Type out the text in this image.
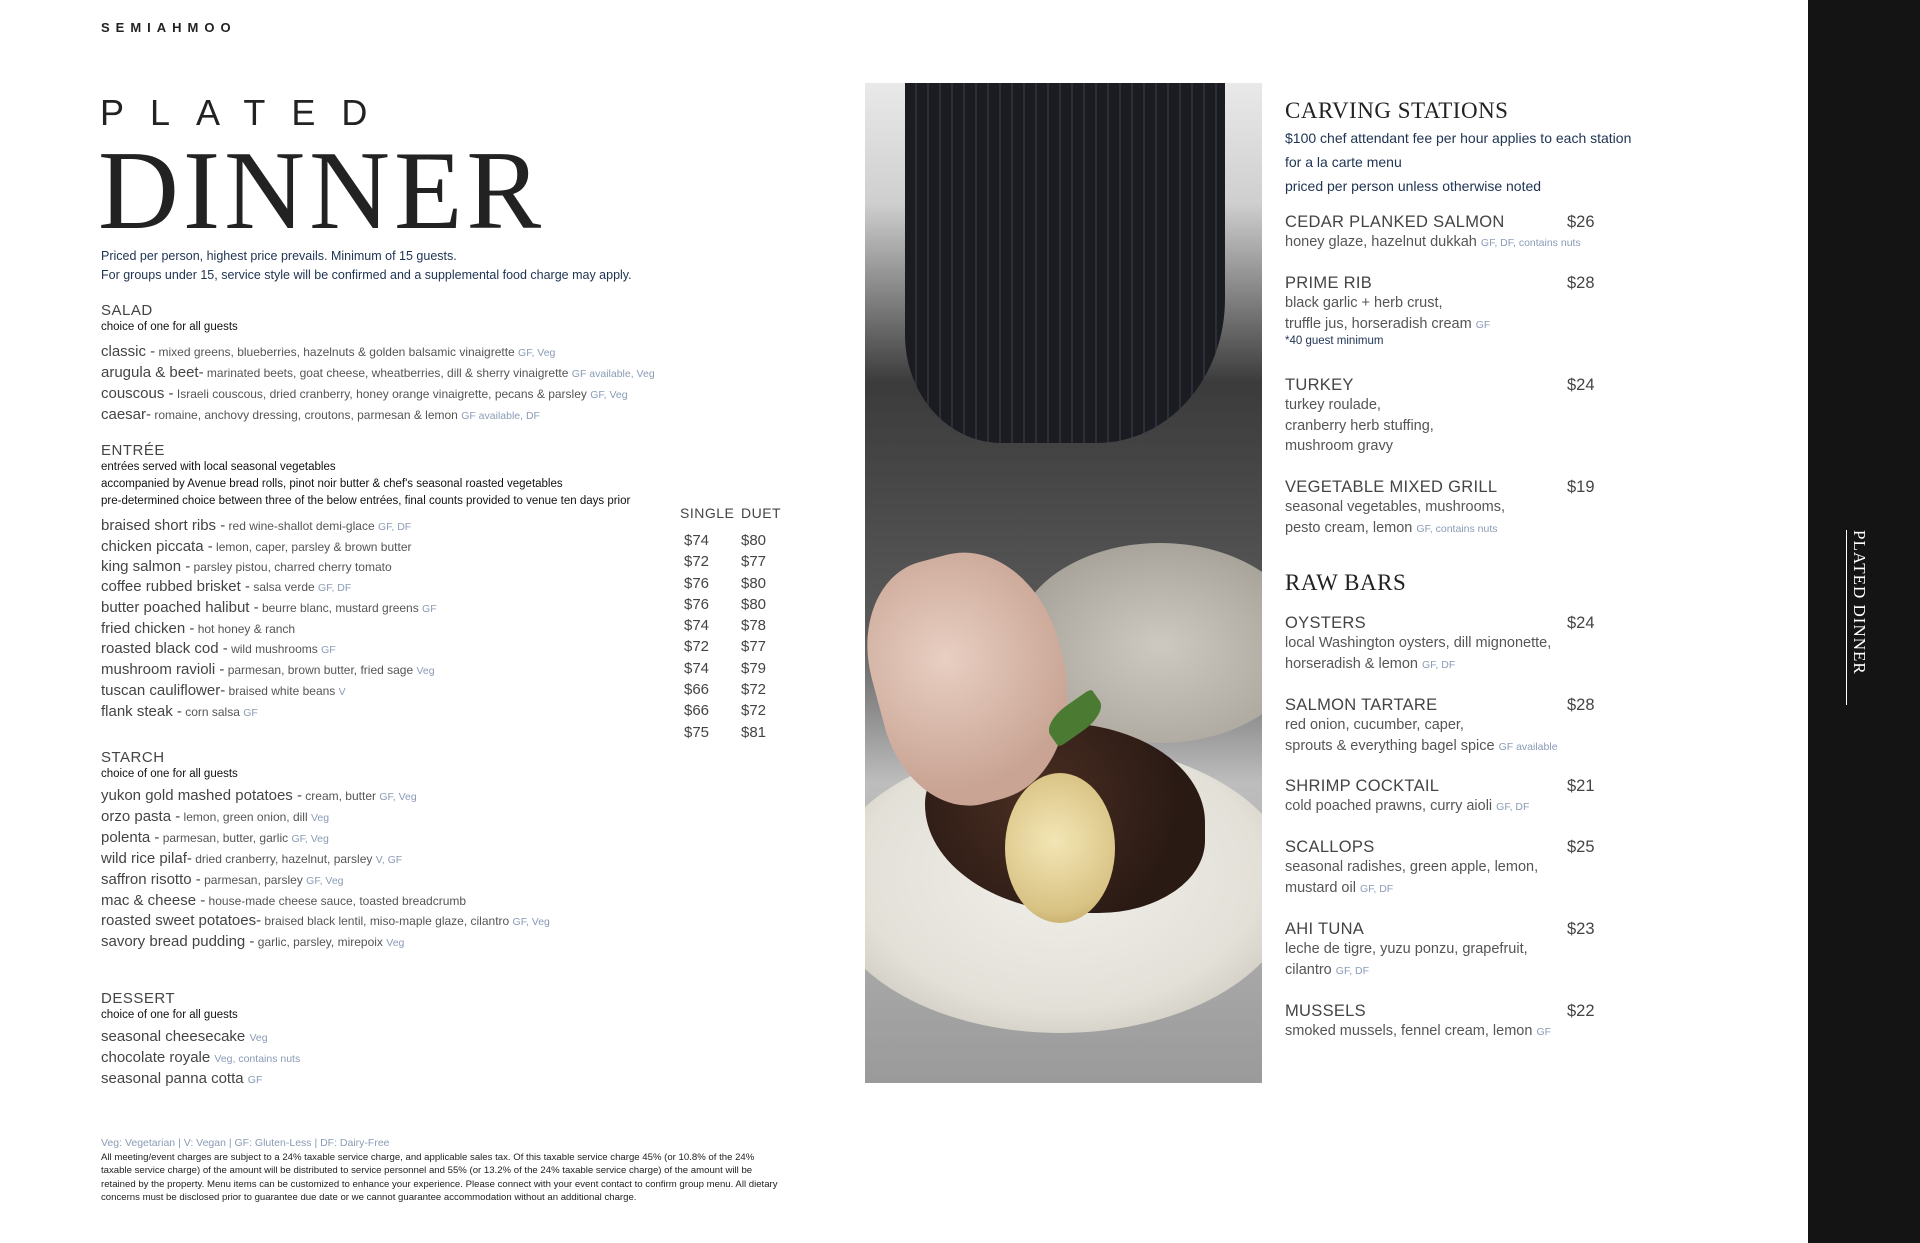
SEMIAHMOO
PLATED
DINNER
Priced per person, highest price prevails. Minimum of 15 guests.
For groups under 15, service style will be confirmed and a supplemental food charge may apply.
SALAD
choice of one for all guests
classic - mixed greens, blueberries, hazelnuts & golden balsamic vinaigrette GF, Veg
arugula & beet- marinated beets, goat cheese, wheatberries, dill & sherry vinaigrette GF available, Veg
couscous - Israeli couscous, dried cranberry, honey orange vinaigrette, pecans & parsley GF, Veg
caesar- romaine, anchovy dressing, croutons, parmesan & lemon GF available, DF
ENTRÉE
entrées served with local seasonal vegetables
accompanied by Avenue bread rolls, pinot noir butter & chef's seasonal roasted vegetables
pre-determined choice between three of the below entrées, final counts provided to venue ten days prior
braised short ribs - red wine-shallot demi-glace GF, DF
chicken piccata - lemon, caper, parsley & brown butter
king salmon - parsley pistou, charred cherry tomato
coffee rubbed brisket - salsa verde GF, DF
butter poached halibut - beurre blanc, mustard greens GF
fried chicken - hot honey & ranch
roasted black cod - wild mushrooms GF
mushroom ravioli - parmesan, brown butter, fried sage Veg
tuscan cauliflower- braised white beans V
flank steak - corn salsa GF
SINGLE DUET
$74
$72
$76
$76
$74
$72
$74
$66
$66
$75
$80
$77
$80
$80
$78
$77
$79
$72
$72
$81
STARCH
choice of one for all guests
yukon gold mashed potatoes - cream, butter GF, Veg
orzo pasta - lemon, green onion, dill Veg
polenta - parmesan, butter, garlic GF, Veg
wild rice pilaf- dried cranberry, hazelnut, parsley V, GF
saffron risotto - parmesan, parsley GF, Veg
mac & cheese - house-made cheese sauce, toasted breadcrumb
roasted sweet potatoes- braised black lentil, miso-maple glaze, cilantro GF, Veg
savory bread pudding - garlic, parsley, mirepoix Veg
DESSERT
choice of one for all guests
seasonal cheesecake Veg
chocolate royale Veg, contains nuts
seasonal panna cotta GF
Veg: Vegetarian | V: Vegan | GF: Gluten-Less | DF: Dairy-Free
All meeting/event charges are subject to a 24% taxable service charge, and applicable sales tax. Of this taxable service charge 45% (or 10.8% of the 24% taxable service charge) of the amount will be distributed to service personnel and 55% (or 13.2% of the 24% taxable service charge) of the amount will be retained by the property. Menu items can be customized to enhance your experience. Please connect with your event contact to confirm group menu. All dietary concerns must be disclosed prior to guarantee due date or we cannot guarantee accommodation without an additional charge.
CARVING STATIONS
$100 chef attendant fee per hour applies to each station
for a la carte menu
priced per person unless otherwise noted
CEDAR PLANKED SALMON
honey glaze, hazelnut dukkah GF, DF, contains nuts
$26
PRIME RIB
black garlic + herb crust,
truffle jus, horseradish cream GF
*40 guest minimum
$28
TURKEY
turkey roulade,
cranberry herb stuffing,
mushroom gravy
$24
VEGETABLE MIXED GRILL
seasonal vegetables, mushrooms,
pesto cream, lemon GF, contains nuts
$19
RAW BARS
OYSTERS
local Washington oysters, dill mignonette,
horseradish & lemon GF, DF
$24
SALMON TARTARE
red onion, cucumber, caper,
sprouts & everything bagel spice GF available
$28
SHRIMP COCKTAIL
cold poached prawns, curry aioli GF, DF
$21
SCALLOPS
seasonal radishes, green apple, lemon,
mustard oil GF, DF
$25
AHI TUNA
leche de tigre, yuzu ponzu, grapefruit,
cilantro GF, DF
$23
MUSSELS
smoked mussels, fennel cream, lemon GF
$22
PLATED DINNER
